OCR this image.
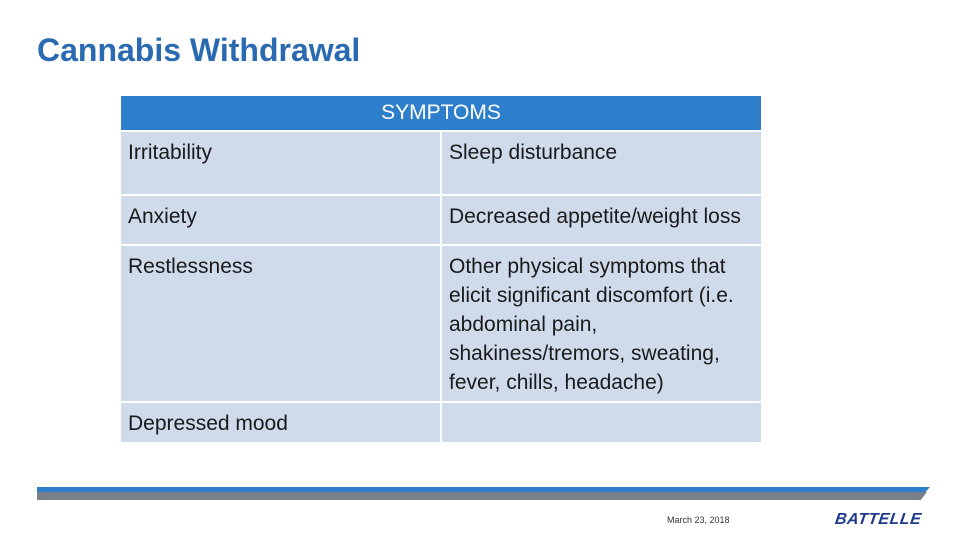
Cannabis Withdrawal
SYMPTOMS	
Irritability	Sleep disturbance
Anxiety	Decreased appetite/weight loss
Restlessness	Other physical symptoms that elicit significant discomfort (i.e. abdominal pain, shakiness/tremors, sweating, fever, chills, headache)
Depressed mood	
March 23, 2018	BATTELLE
